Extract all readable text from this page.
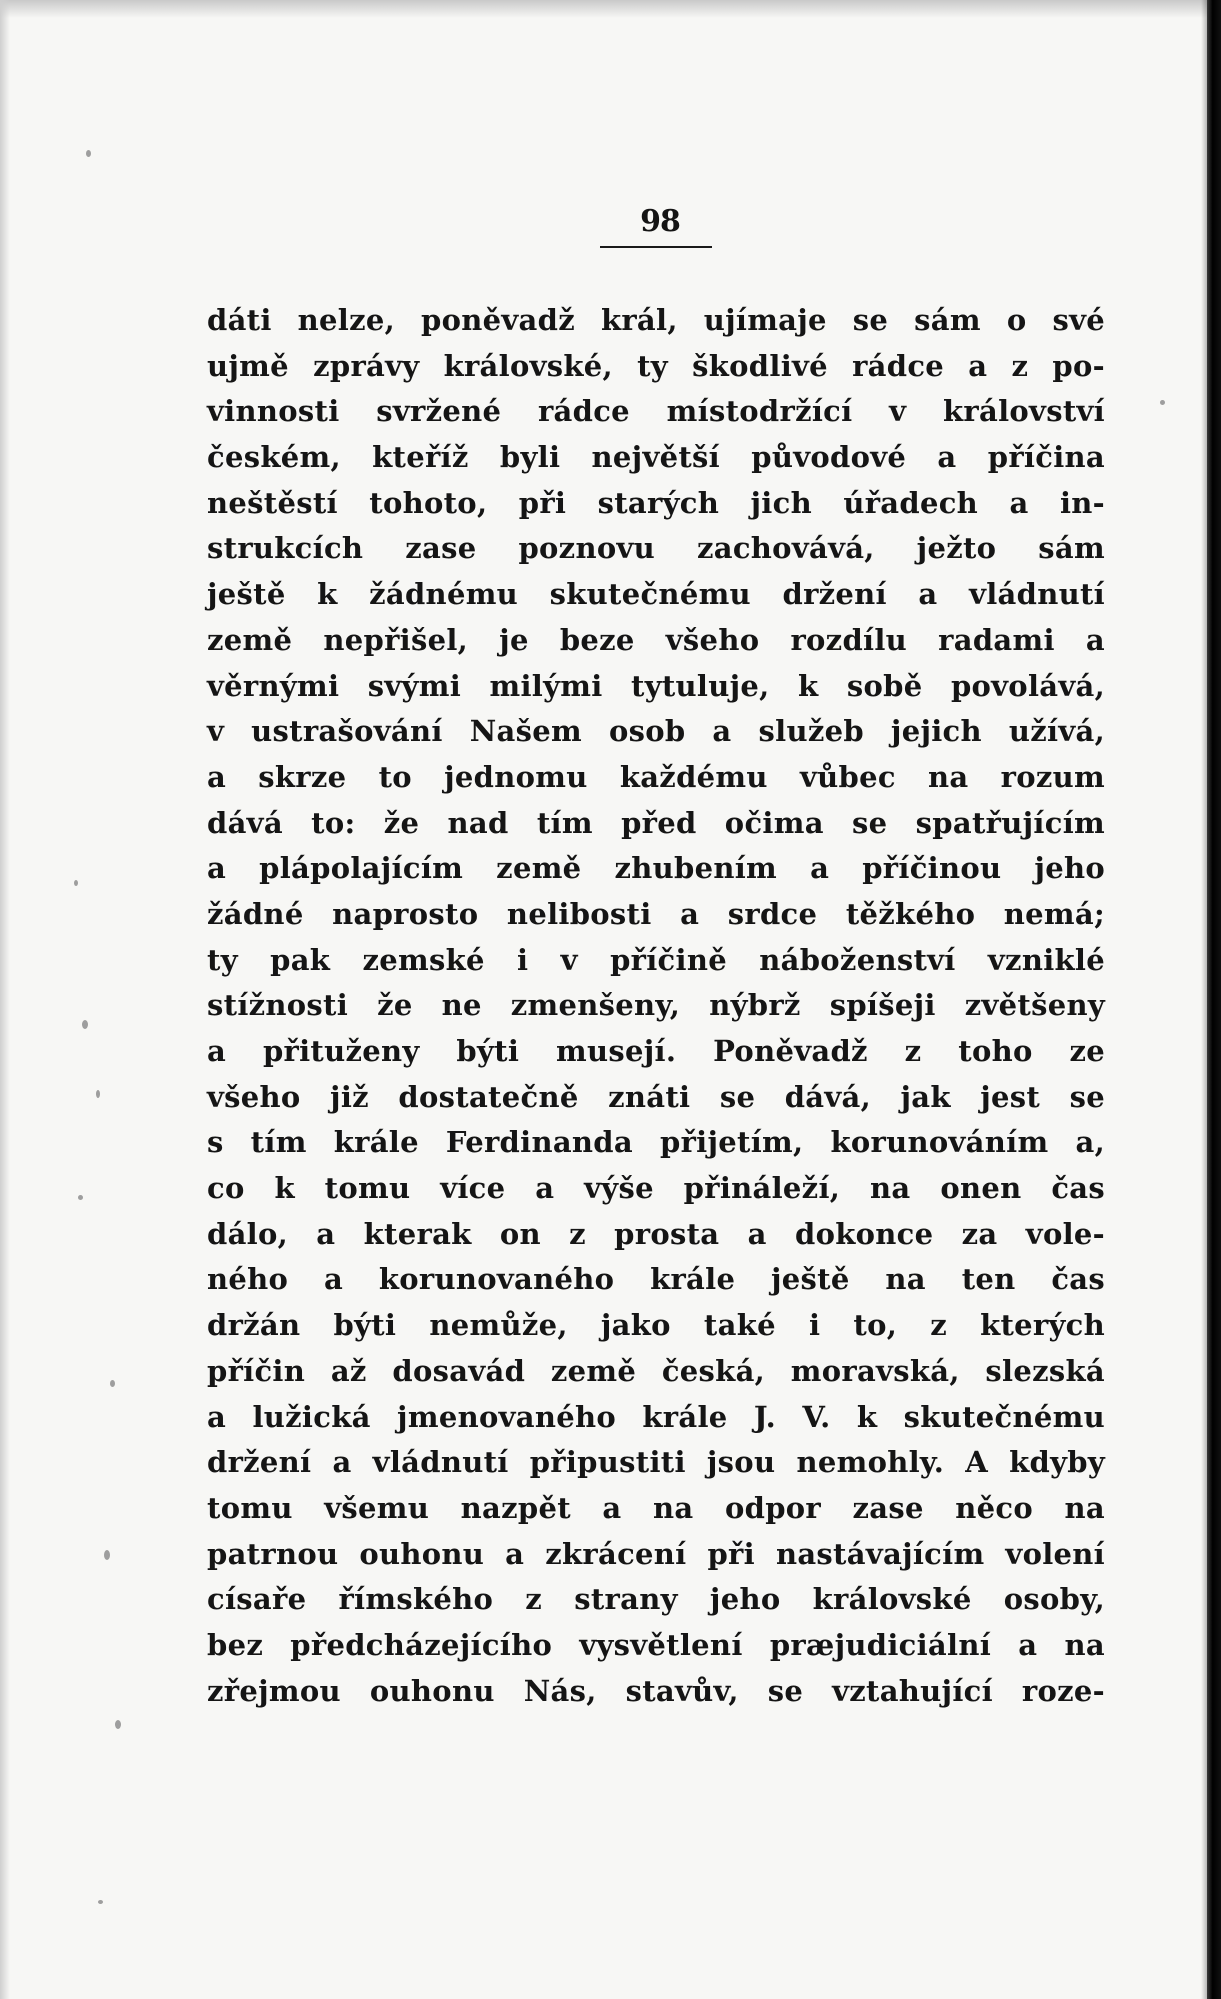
98
dáti nelze, poněvadž král, ujímaje se sám o své
ujmě zprávy královské, ty škodlivé rádce a z po-
vinnosti svržené rádce místodržící v království
českém, kteříž byli největší původové a příčina
neštěstí tohoto, při starých jich úřadech a in-
strukcích zase poznovu zachovává, ježto sám
ještě k žádnému skutečnému držení a vládnutí
země nepřišel, je beze všeho rozdílu radami a
věrnými svými milými tytuluje, k sobě povolává,
v ustrašování Našem osob a služeb jejich užívá,
a skrze to jednomu každému vůbec na rozum
dává to: že nad tím před očima se spatřujícím
a plápolajícím země zhubením a příčinou jeho
žádné naprosto nelibosti a srdce těžkého nemá;
ty pak zemské i v příčině náboženství vzniklé
stížnosti že ne zmenšeny, nýbrž spíšeji zvětšeny
a přituženy býti musejí. Poněvadž z toho ze
všeho již dostatečně znáti se dává, jak jest se
s tím krále Ferdinanda přijetím, korunováním a,
co k tomu více a výše přináleží, na onen čas
dálo, a kterak on z prosta a dokonce za vole-
ného a korunovaného krále ještě na ten čas
držán býti nemůže, jako také i to, z kterých
příčin až dosavád země česká, moravská, slezská
a lužická jmenovaného krále J. V. k skutečnému
držení a vládnutí připustiti jsou nemohly. A kdyby
tomu všemu nazpět a na odpor zase něco na
patrnou ouhonu a zkrácení při nastávajícím volení
císaře římského z strany jeho královské osoby,
bez předcházejícího vysvětlení præjudiciální a na
zřejmou ouhonu Nás, stavův, se vztahující roze-
